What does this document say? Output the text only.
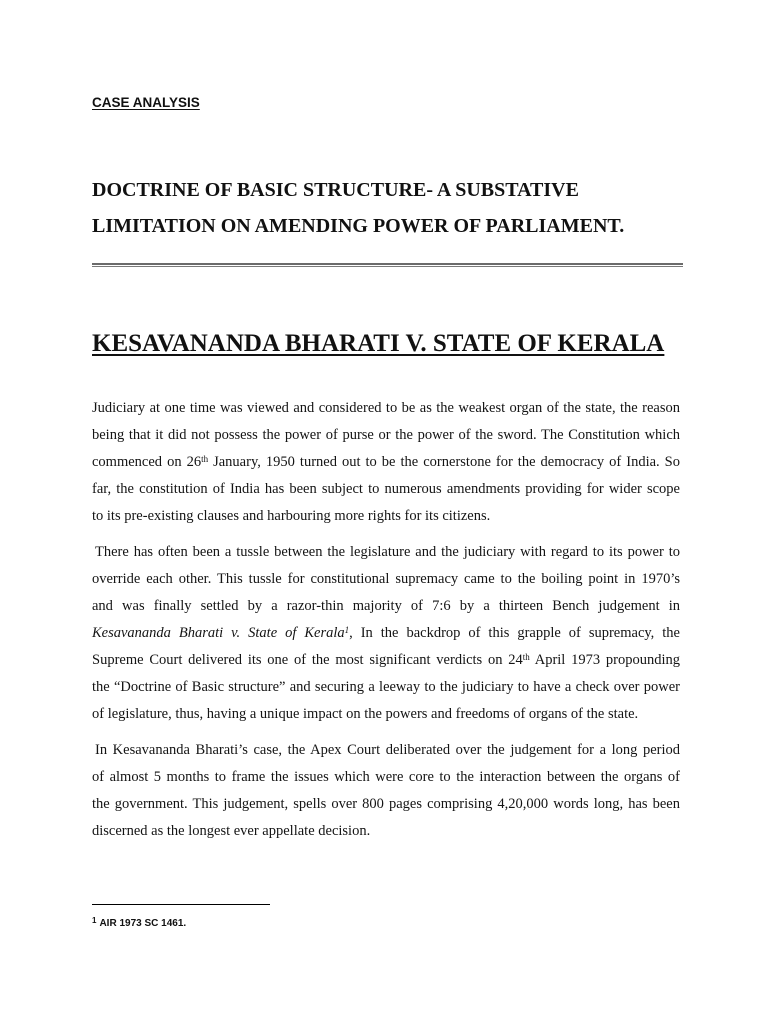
CASE ANALYSIS
DOCTRINE OF BASIC STRUCTURE- A SUBSTATIVE
LIMITATION ON AMENDING POWER OF PARLIAMENT.
KESAVANANDA BHARATI V. STATE OF KERALA
Judiciary at one time was viewed and considered to be as the weakest organ of the state, the reason
being that it did not possess the power of purse or the power of the sword. The Constitution which
commenced on 26th January, 1950 turned out to be the cornerstone for the democracy of India. So
far, the constitution of India has been subject to numerous amendments providing for wider scope
to its pre-existing clauses and harbouring more rights for its citizens.
There has often been a tussle between the legislature and the judiciary with regard to its power to
override each other. This tussle for constitutional supremacy came to the boiling point in 1970’s
and was finally settled by a razor-thin majority of 7:6 by a thirteen Bench judgement in
Kesavananda Bharati v. State of Kerala$^1$, In the backdrop of this grapple of supremacy, the
Supreme Court delivered its one of the most significant verdicts on 24th April 1973 propounding
the “Doctrine of Basic structure” and securing a leeway to the judiciary to have a check over power
of legislature, thus, having a unique impact on the powers and freedoms of organs of the state.
In Kesavananda Bharati’s case, the Apex Court deliberated over the judgement for a long period
of almost 5 months to frame the issues which were core to the interaction between the organs of
the government. This judgement, spells over 800 pages comprising 4,20,000 words long, has been
discerned as the longest ever appellate decision.
$^1$ AIR 1973 SC 1461.
